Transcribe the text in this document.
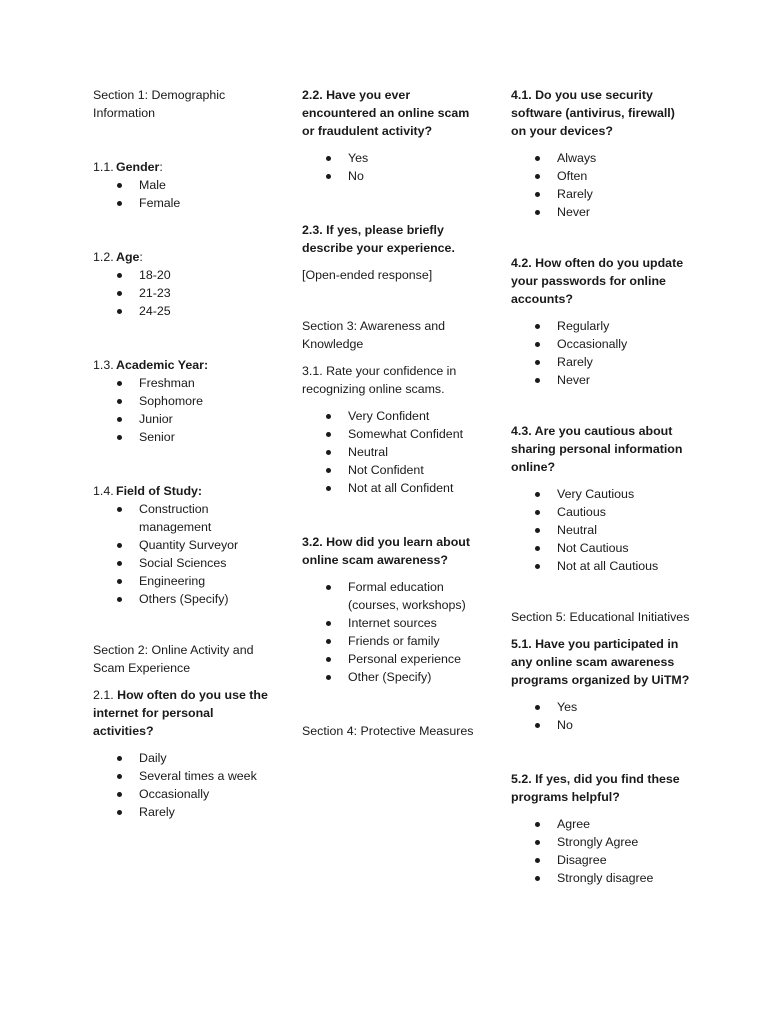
Section 1: Demographic Information

1.1. Gender:
Male
Female
1.2. Age:
18-20
21-23
24-25
1.3. Academic Year:
Freshman
Sophomore
Junior
Senior
1.4. Field of Study:
Construction management
Quantity Surveyor
Social Sciences
Engineering
Others (Specify)

Section 2: Online Activity and Scam Experience

2.1. How often do you use the internet for personal activities?

Daily
Several times a week
Occasionally
Rarely

2.2. Have you ever encountered an online scam or fraudulent activity?

Yes
No

2.3. If yes, please briefly describe your experience.

[Open-ended response]

Section 3: Awareness and Knowledge

3.1. Rate your confidence in recognizing online scams.

Very Confident
Somewhat Confident
Neutral
Not Confident
Not at all Confident

3.2. How did you learn about online scam awareness?

Formal education (courses, workshops)
Internet sources
Friends or family
Personal experience
Other (Specify)

Section 4: Protective Measures

4.1. Do you use security software (antivirus, firewall) on your devices?

Always
Often
Rarely
Never

4.2. How often do you update your passwords for online accounts?

Regularly
Occasionally
Rarely
Never

4.3. Are you cautious about sharing personal information online?

Very Cautious
Cautious
Neutral
Not Cautious
Not at all Cautious

Section 5: Educational Initiatives

5.1. Have you participated in any online scam awareness programs organized by UiTM?

Yes
No

5.2. If yes, did you find these programs helpful?

Agree
Strongly Agree
Disagree
Strongly disagree
